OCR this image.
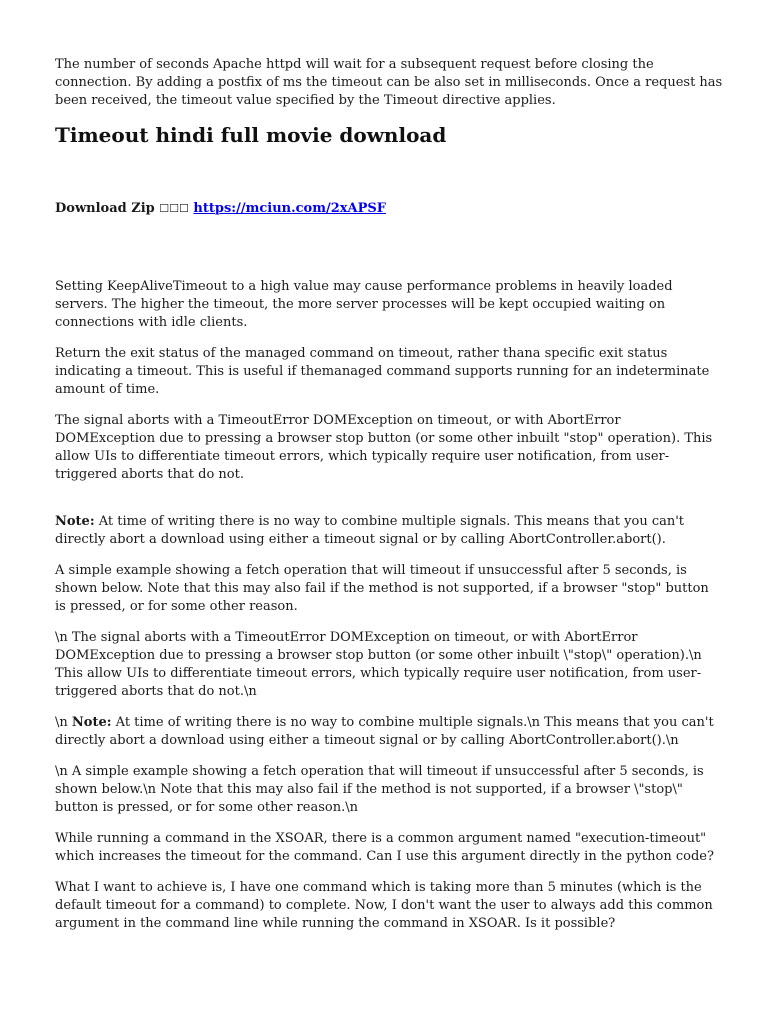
The number of seconds Apache httpd will wait for a subsequent request before closing the connection. By adding a postfix of ms the timeout can be also set in milliseconds. Once a request has been received, the timeout value specified by the Timeout directive applies.

Timeout hindi full movie download

Download Zip ☐☐☐ https://mciun.com/2xAPSF

Setting KeepAliveTimeout to a high value may cause performance problems in heavily loaded servers. The higher the timeout, the more server processes will be kept occupied waiting on connections with idle clients.

Return the exit status of the managed command on timeout, rather thana specific exit status indicating a timeout. This is useful if themanaged command supports running for an indeterminate amount of time.

The signal aborts with a TimeoutError DOMException on timeout, or with AbortError DOMException due to pressing a browser stop button (or some other inbuilt "stop" operation). This allow UIs to differentiate timeout errors, which typically require user notification, from user-triggered aborts that do not.

Note: At time of writing there is no way to combine multiple signals. This means that you can't directly abort a download using either a timeout signal or by calling AbortController.abort().

A simple example showing a fetch operation that will timeout if unsuccessful after 5 seconds, is shown below. Note that this may also fail if the method is not supported, if a browser "stop" button is pressed, or for some other reason.

\n The signal aborts with a TimeoutError DOMException on timeout, or with AbortError DOMException due to pressing a browser stop button (or some other inbuilt \"stop\" operation).\n This allow UIs to differentiate timeout errors, which typically require user notification, from user-triggered aborts that do not.\n

\n Note: At time of writing there is no way to combine multiple signals.\n This means that you can't directly abort a download using either a timeout signal or by calling AbortController.abort().\n

\n A simple example showing a fetch operation that will timeout if unsuccessful after 5 seconds, is shown below.\n Note that this may also fail if the method is not supported, if a browser \"stop\" button is pressed, or for some other reason.\n

While running a command in the XSOAR, there is a common argument named "execution-timeout" which increases the timeout for the command. Can I use this argument directly in the python code?

What I want to achieve is, I have one command which is taking more than 5 minutes (which is the default timeout for a command) to complete. Now, I don't want the user to always add this common argument in the command line while running the command in XSOAR. Is it possible?
